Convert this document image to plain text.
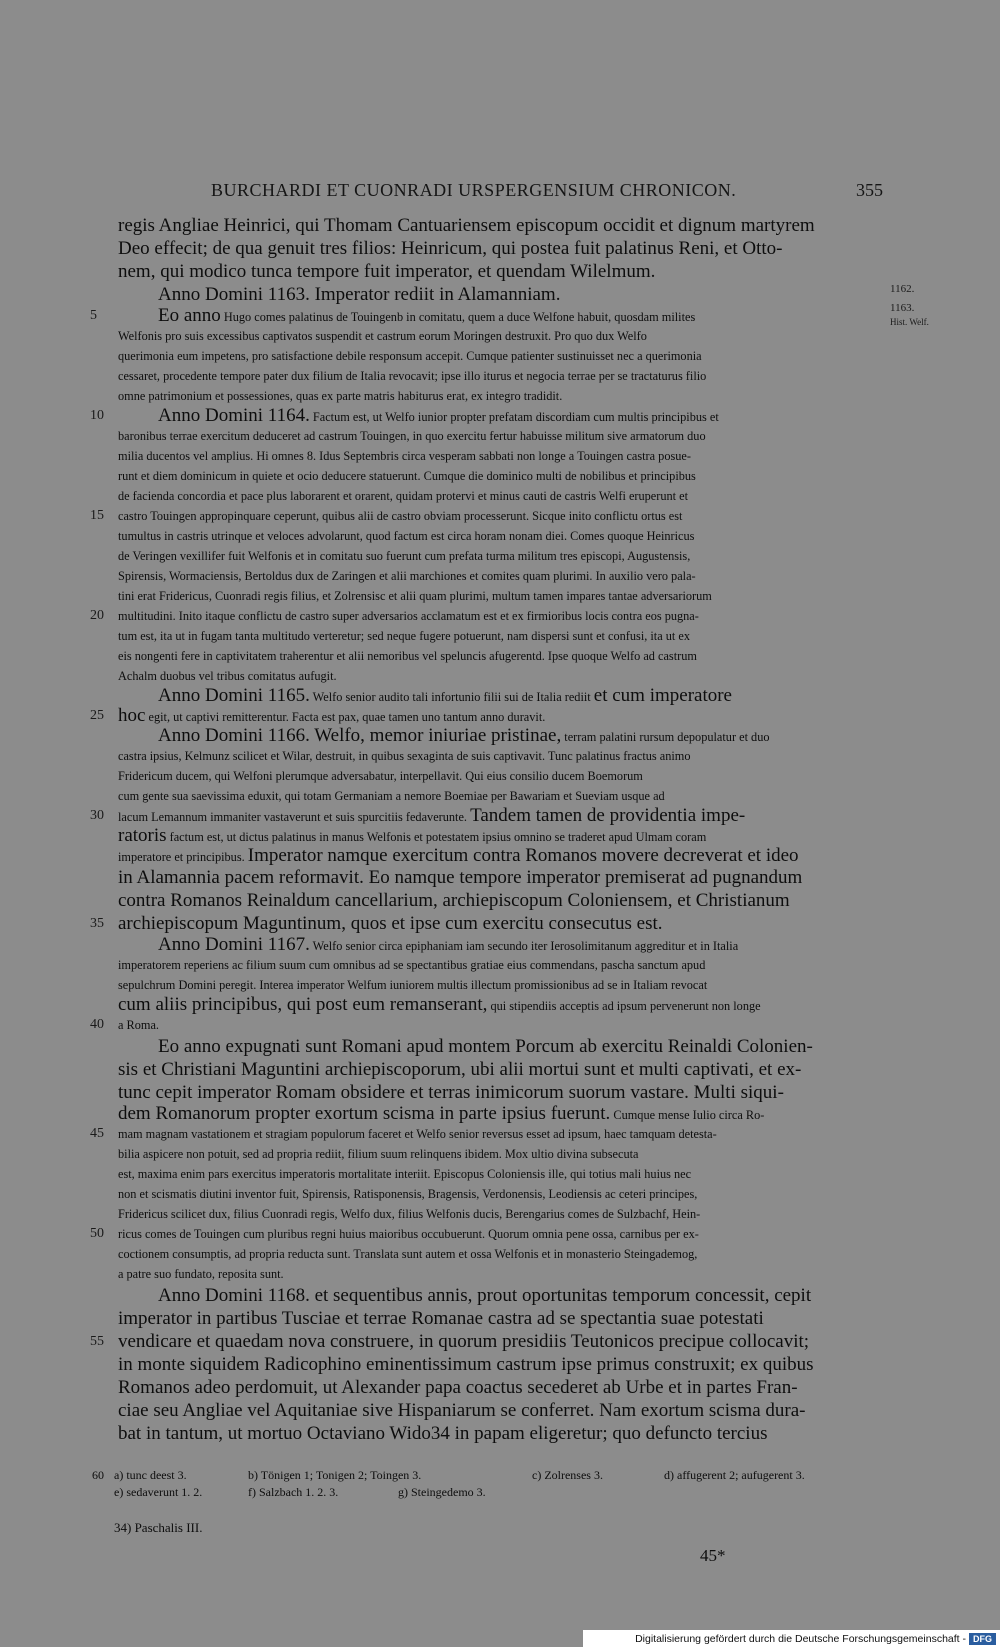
BURCHARDI ET CUONRADI URSPERGENSIUM CHRONICON.	355
regis Angliae Heinrici, qui Thomam Cantuariensem episcopum occidit et dignum martyrem
Deo effecit; de qua genuit tres filios: Heinricum, qui postea fuit palatinus Reni, et Otto-
nem, qui modico tunca tempore fuit imperator, et quendam Wilelmum.
Anno Domini 1163. Imperator rediit in Alamanniam.
5	Eo anno Hugo comes palatinus de Touingenb in comitatu, quem a duce Welfone habuit, quosdam milites
Welfonis pro suis excessibus captivatos suspendit et castrum eorum Moringen destruxit. Pro quo dux Welfo
querimonia eum impetens, pro satisfactione debile responsum accepit. Cumque patienter sustinuisset nec a querimonia
cessaret, procedente tempore pater dux filium de Italia revocavit; ipse illo iturus et negocia terrae per se tractaturus filio
omne patrimonium et possessiones, quas ex parte matris habiturus erat, ex integro tradidit.
10	Anno Domini 1164. Factum est, ut Welfo iunior propter prefatam discordiam cum multis principibus et
baronibus terrae exercitum deduceret ad castrum Touingen, in quo exercitu fertur habuisse militum sive armatorum duo
milia ducentos vel amplius. Hi omnes 8. Idus Septembris circa vesperam sabbati non longe a Touingen castra posue-
runt et diem dominicum in quiete et ocio deducere statuerunt. Cumque die dominico multi de nobilibus et principibus
de facienda concordia et pace plus laborarent et orarent, quidam protervi et minus cauti de castris Welfi eruperunt et
15	castro Touingen appropinquare ceperunt, quibus alii de castro obviam processerunt. Sicque inito conflictu ortus est
tumultus in castris utrinque et veloces advolarunt, quod factum est circa horam nonam diei. Comes quoque Heinricus
de Veringen vexillifer fuit Welfonis et in comitatu suo fuerunt cum prefata turma militum tres episcopi, Augustensis,
Spirensis, Wormaciensis, Bertoldus dux de Zaringen et alii marchiones et comites quam plurimi. In auxilio vero pala-
tini erat Fridericus, Cuonradi regis filius, et Zolrensisc et alii quam plurimi, multum tamen impares tantae adversariorum
20	multitudini. Inito itaque conflictu de castro super adversarios acclamatum est et ex firmioribus locis contra eos pugna-
tum est, ita ut in fugam tanta multitudo verteretur; sed neque fugere potuerunt, nam dispersi sunt et confusi, ita ut ex
eis nongenti fere in captivitatem traherentur et alii nemoribus vel speluncis afugerentd. Ipse quoque Welfo ad castrum
Achalm duobus vel tribus comitatus aufugit.
Anno Domini 1165. Welfo senior audito tali infortunio filii sui de Italia rediit et cum imperatore
25 hoc egit, ut captivi remitterentur. Facta est pax, quae tamen uno tantum anno duravit.
Anno Domini 1166. Welfo, memor iniuriae pristinae, terram palatini rursum depopulatur et duo
castra ipsius, Kelmunz scilicet et Wilar, destruit, in quibus sexaginta de suis captivavit. Tunc palatinus fractus animo
Fridericum ducem, qui Welfoni plerumque adversabatur, interpellavit. Qui eius consilio ducem Boemorum
cum gente sua saevissima eduxit, qui totam Germaniam a nemore Boemiae per Bawariam et Sueviam usque ad
30	lacum Lemannum immaniter vastaverunt et suis spurcitiis fedaverunte. Tandem tamen de providentia impe-
ratoris factum est, ut dictus palatinus in manus Welfonis et potestatem ipsius omnino se traderet apud Ulmam coram
imperatore et principibus. Imperator namque exercitum contra Romanos movere decreverat et ideo
in Alamannia pacem reformavit. Eo namque tempore imperator premiserat ad pugnandum
contra Romanos Reinaldum cancellarium, archiepiscopum Coloniensem, et Christianum
35 archiepiscopum Maguntinum, quos et ipse cum exercitu consecutus est.
Anno Domini 1167. Welfo senior circa epiphaniam iam secundo iter Ierosolimitanum aggreditur et in Italia
imperatorem reperiens ac filium suum cum omnibus ad se spectantibus gratiae eius commendans, pascha sanctum apud
sepulchrum Domini peregit. Interea imperator Welfum iuniorem multis illectum promissionibus ad se in Italiam revocat
cum aliis principibus, qui post eum remanserant, qui stipendiis acceptis ad ipsum pervenerunt non longe
40	a Roma.
Eo anno expugnati sunt Romani apud montem Porcum ab exercitu Reinaldi Colonien-
sis et Christiani Maguntini archiepiscoporum, ubi alii mortui sunt et multi captivati, et ex-
tunc cepit imperator Romam obsidere et terras inimicorum suorum vastare. Multi siqui-
dem Romanorum propter exortum scisma in parte ipsius fuerunt. Cumque mense Iulio circa Ro-
45	mam magnam vastationem et stragiam populorum faceret et Welfo senior reversus esset ad ipsum, haec tamquam detesta-
bilia aspicere non potuit, sed ad propria rediit, filium suum relinquens ibidem. Mox ultio divina subsecuta
est, maxima enim pars exercitus imperatoris mortalitate interiit. Episcopus Coloniensis ille, qui totius mali huius nec
non et scismatis diutini inventor fuit, Spirensis, Ratisponensis, Bragensis, Verdonensis, Leodiensis ac ceteri principes,
Fridericus scilicet dux, filius Cuonradi regis, Welfo dux, filius Welfonis ducis, Berengarius comes de Sulzbachf, Hein-
50	ricus comes de Touingen cum pluribus regni huius maioribus occubuerunt. Quorum omnia pene ossa, carnibus per ex-
coctionem consumptis, ad propria reducta sunt. Translata sunt autem et ossa Welfonis et in monasterio Steingademog,
a patre suo fundato, reposita sunt.
Anno Domini 1168. et sequentibus annis, prout oportunitas temporum concessit, cepit
imperator in partibus Tusciae et terrae Romanae castra ad se spectantia suae potestati
55 vendicare et quaedam nova construere, in quorum presidiis Teutonicos precipue collocavit;
in monte siquidem Radicophino eminentissimum castrum ipse primus construxit; ex quibus
Romanos adeo perdomuit, ut Alexander papa coactus secederet ab Urbe et in partes Fran-
ciae seu Angliae vel Aquitaniae sive Hispaniarum se conferret. Nam exortum scisma dura-
bat in tantum, ut mortuo Octaviano Wido34 in papam eligeretur; quo defuncto tercius
1162.
1163.
Hist. Welf.
60 a) tunc deest 3.	b) Tönigen 1; Tonigen 2; Toingen 3.	c) Zolrenses 3.	d) affugerent 2; aufugerent 3.
e) sedaverunt 1. 2.	f) Salzbach 1. 2. 3.	g) Steingedemo 3.
34) Paschalis III.
45*
Digitalisierung gefördert durch die Deutsche Forschungsgemeinschaft - DFG
